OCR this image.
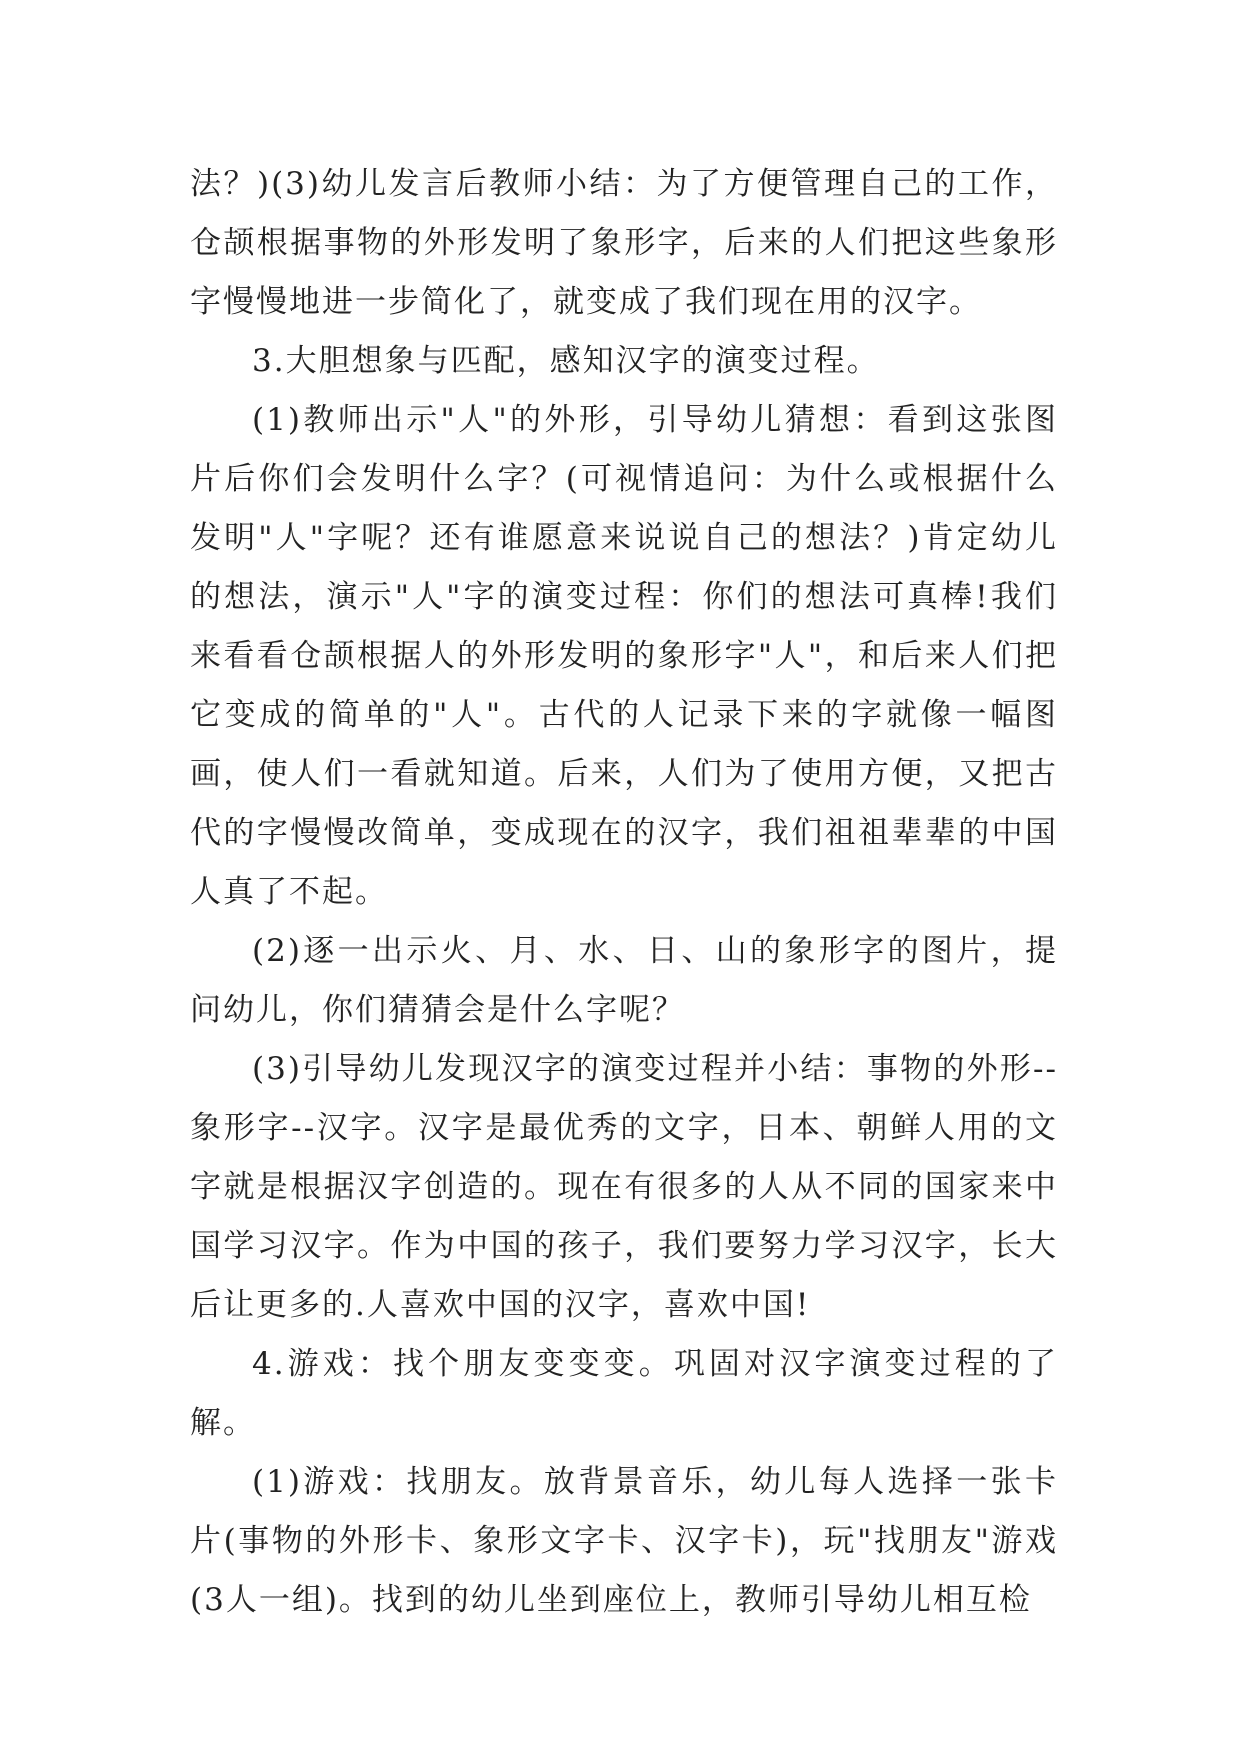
法？)(3)幼儿发言后教师小结：为了方便管理自己的工作，仓颉根据事物的外形发明了象形字，后来的人们把这些象形字慢慢地进一步简化了，就变成了我们现在用的汉字。

3.大胆想象与匹配，感知汉字的演变过程。

(1)教师出示"人"的外形，引导幼儿猜想：看到这张图片后你们会发明什么字？(可视情追问：为什么或根据什么发明"人"字呢？还有谁愿意来说说自己的想法？)肯定幼儿的想法，演示"人"字的演变过程：你们的想法可真棒!我们来看看仓颉根据人的外形发明的象形字"人"，和后来人们把它变成的简单的"人"。古代的人记录下来的字就像一幅图画，使人们一看就知道。后来，人们为了使用方便，又把古代的字慢慢改简单，变成现在的汉字，我们祖祖辈辈的中国人真了不起。

(2)逐一出示火、月、水、日、山的象形字的图片，提问幼儿，你们猜猜会是什么字呢？

(3)引导幼儿发现汉字的演变过程并小结：事物的外形--象形字--汉字。汉字是最优秀的文字，日本、朝鲜人用的文字就是根据汉字创造的。现在有很多的人从不同的国家来中国学习汉字。作为中国的孩子，我们要努力学习汉字，长大后让更多的.人喜欢中国的汉字，喜欢中国!

4.游戏：找个朋友变变变。巩固对汉字演变过程的了解。

(1)游戏：找朋友。放背景音乐，幼儿每人选择一张卡片(事物的外形卡、象形文字卡、汉字卡)，玩"找朋友"游戏(3人一组)。找到的幼儿坐到座位上，教师引导幼儿相互检
